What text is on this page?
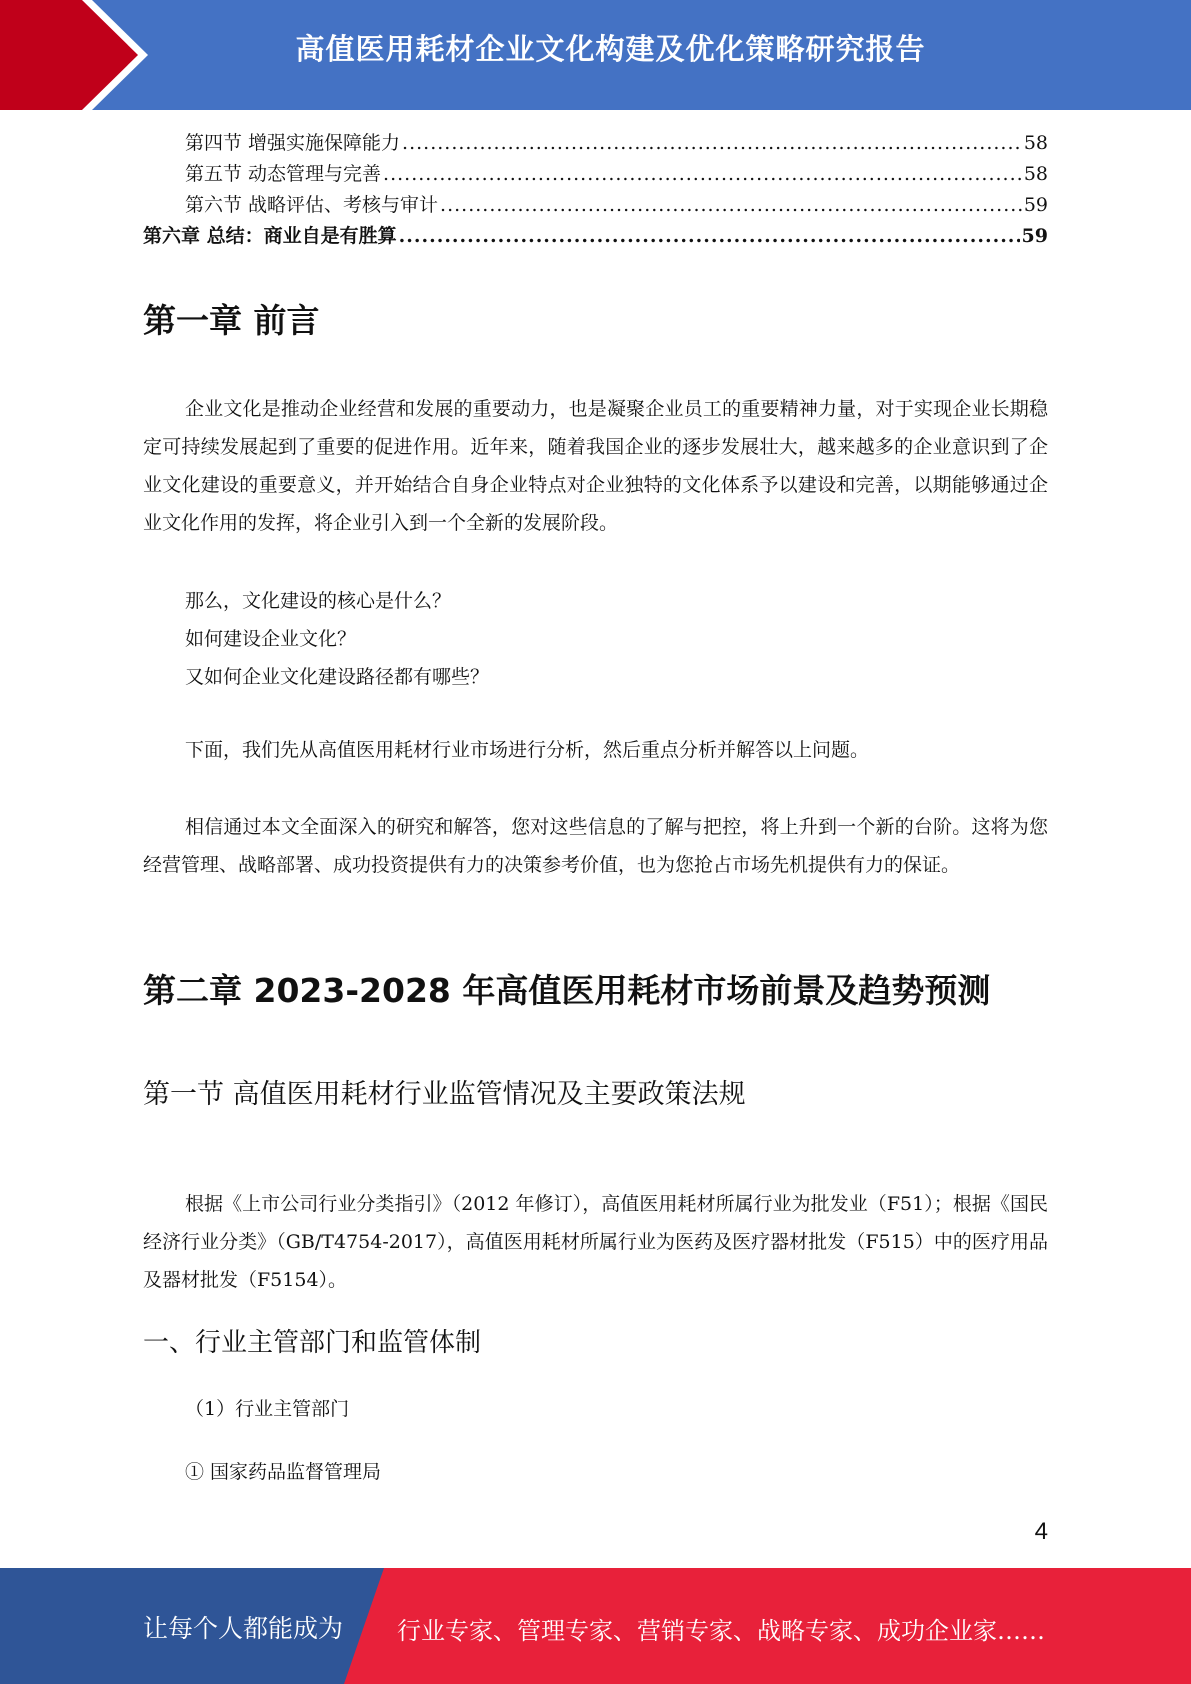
高值医用耗材企业文化构建及优化策略研究报告
第四节 增强实施保障能力 .....	58
第五节 动态管理与完善 .....	58
第六节 战略评估、考核与审计 .....	59
第六章 总结：商业自是有胜算 .....	59
第一章 前言

企业文化是推动企业经营和发展的重要动力，也是凝聚企业员工的重要精神力量，对于实现企业长期稳定可持续发展起到了重要的促进作用。近年来，随着我国企业的逐步发展壮大，越来越多的企业意识到了企业文化建设的重要意义，并开始结合自身企业特点对企业独特的文化体系予以建设和完善，以期能够通过企业文化作用的发挥，将企业引入到一个全新的发展阶段。

那么，文化建设的核心是什么？
如何建设企业文化？
又如何企业文化建设路径都有哪些？

下面，我们先从高值医用耗材行业市场进行分析，然后重点分析并解答以上问题。

相信通过本文全面深入的研究和解答，您对这些信息的了解与把控，将上升到一个新的台阶。这将为您经营管理、战略部署、成功投资提供有力的决策参考价值，也为您抢占市场先机提供有力的保证。

第二章 2023-2028 年高值医用耗材市场前景及趋势预测
第一节 高值医用耗材行业监管情况及主要政策法规

根据《上市公司行业分类指引》（2012 年修订），高值医用耗材所属行业为批发业（F51）；根据《国民经济行业分类》（GB/T4754-2017），高值医用耗材所属行业为医药及医疗器材批发（F515）中的医疗用品及器材批发（F5154）。

一、行业主管部门和监管体制
（1）行业主管部门
① 国家药品监督管理局
4
让每个人都能成为 行业专家、管理专家、营销专家、战略专家、成功企业家……
